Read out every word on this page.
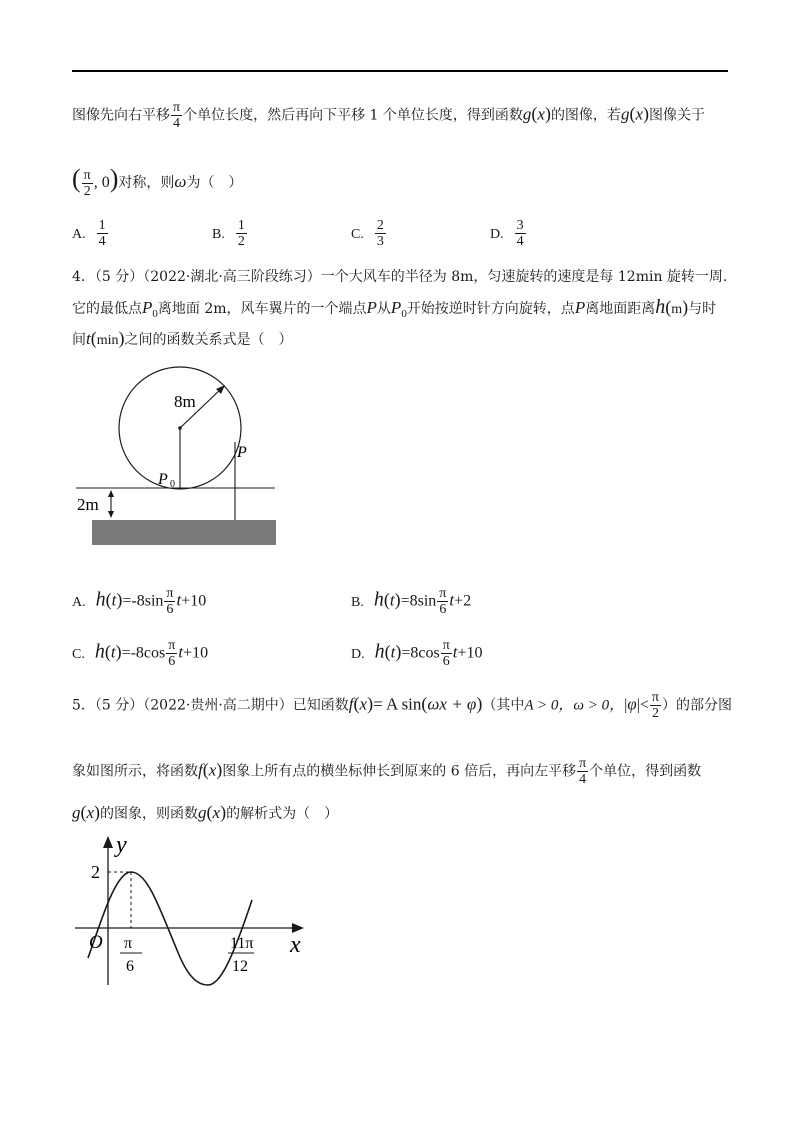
图像先向右平移 $\frac{\pi}{4}$ 个单位长度，然后再向下平移 1 个单位长度，得到函数g(x)的图像，若g(x)图像关于
( $\frac{\pi}{2}$ , 0)对称，则ω为（　）
A. $\frac{1}{4}$	B. $\frac{1}{2}$	C. $\frac{2}{3}$	D. $\frac{3}{4}$
4．（5 分）（2022·湖北·高三阶段练习）一个大风车的半径为 8m，匀速旋转的速度是每 12min 旋转一周.
它的最低点$P_0$离地面 2m，风车翼片的一个端点P从$P_0$开始按逆时针方向旋转，点P离地面距离h(m)与时
间t(min)之间的函数关系式是（　）
8m
P
P 0
2m
A. $h(t)=-8\sin \frac{\pi}{6} t+10$	B. $h(t)=8\sin \frac{\pi}{6} t+2$
C. $h(t)=-8\cos \frac{\pi}{6} t+10$	D. $h(t)=8\cos \frac{\pi}{6} t+10$
5．（5 分）（2022·贵州·高二期中）已知函数f(x)= A sin(ωx + φ)（其中A > 0，ω > 0，$|\varphi|< \frac{\pi}{2}$ ）的部分图
象如图所示，将函数f(x)图象上所有点的横坐标伸长到原来的 6 倍后，再向左平移 $\frac{\pi}{4}$ 个单位，得到函数
g(x)的图象，则函数g(x)的解析式为（　）
y
x
O
2
π
6
11π
12
